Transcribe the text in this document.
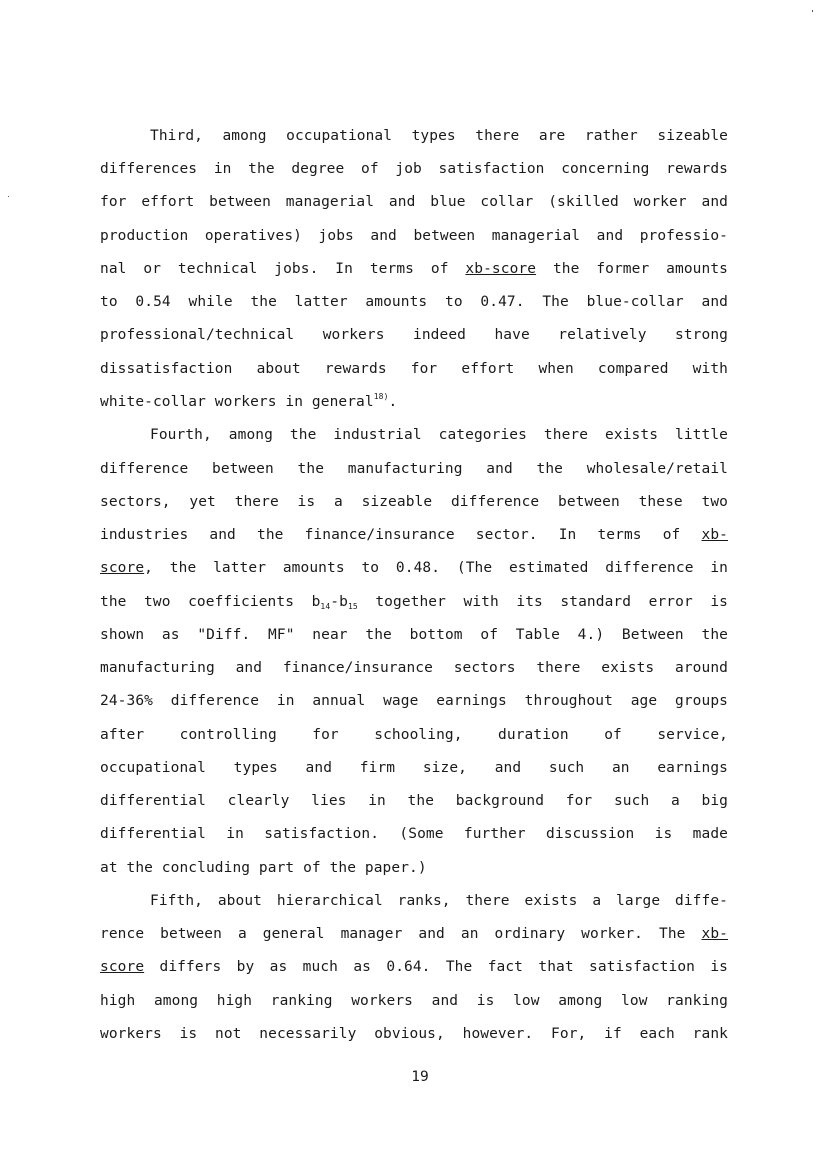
Third, among occupational types there are rather sizeable
differences in the degree of job satisfaction concerning rewards
for effort between managerial and blue collar (skilled worker and
production operatives) jobs and between managerial and professio-
nal or technical jobs. In terms of xb-score the former amounts
to 0.54 while the latter amounts to 0.47. The blue-collar and
professional/technical workers indeed have relatively strong
dissatisfaction about rewards for effort when compared with
white-collar workers in general$^{18)}$.
Fourth, among the industrial categories there exists little
difference between the manufacturing and the wholesale/retail
sectors, yet there is a sizeable difference between these two
industries and the finance/insurance sector. In terms of xb-
score, the latter amounts to 0.48. (The estimated difference in
the two coefficients $b_{14}-b_{15}$ together with its standard error is
shown as "Diff. MF" near the bottom of Table 4.) Between the
manufacturing and finance/insurance sectors there exists around
24-36% difference in annual wage earnings throughout age groups
after controlling for schooling, duration of service,
occupational types and firm size, and such an earnings
differential clearly lies in the background for such a big
differential in satisfaction. (Some further discussion is made
at the concluding part of the paper.)
Fifth, about hierarchical ranks, there exists a large diffe-
rence between a general manager and an ordinary worker. The xb-
score differs by as much as 0.64. The fact that satisfaction is
high among high ranking workers and is low among low ranking
workers is not necessarily obvious, however. For, if each rank
19
